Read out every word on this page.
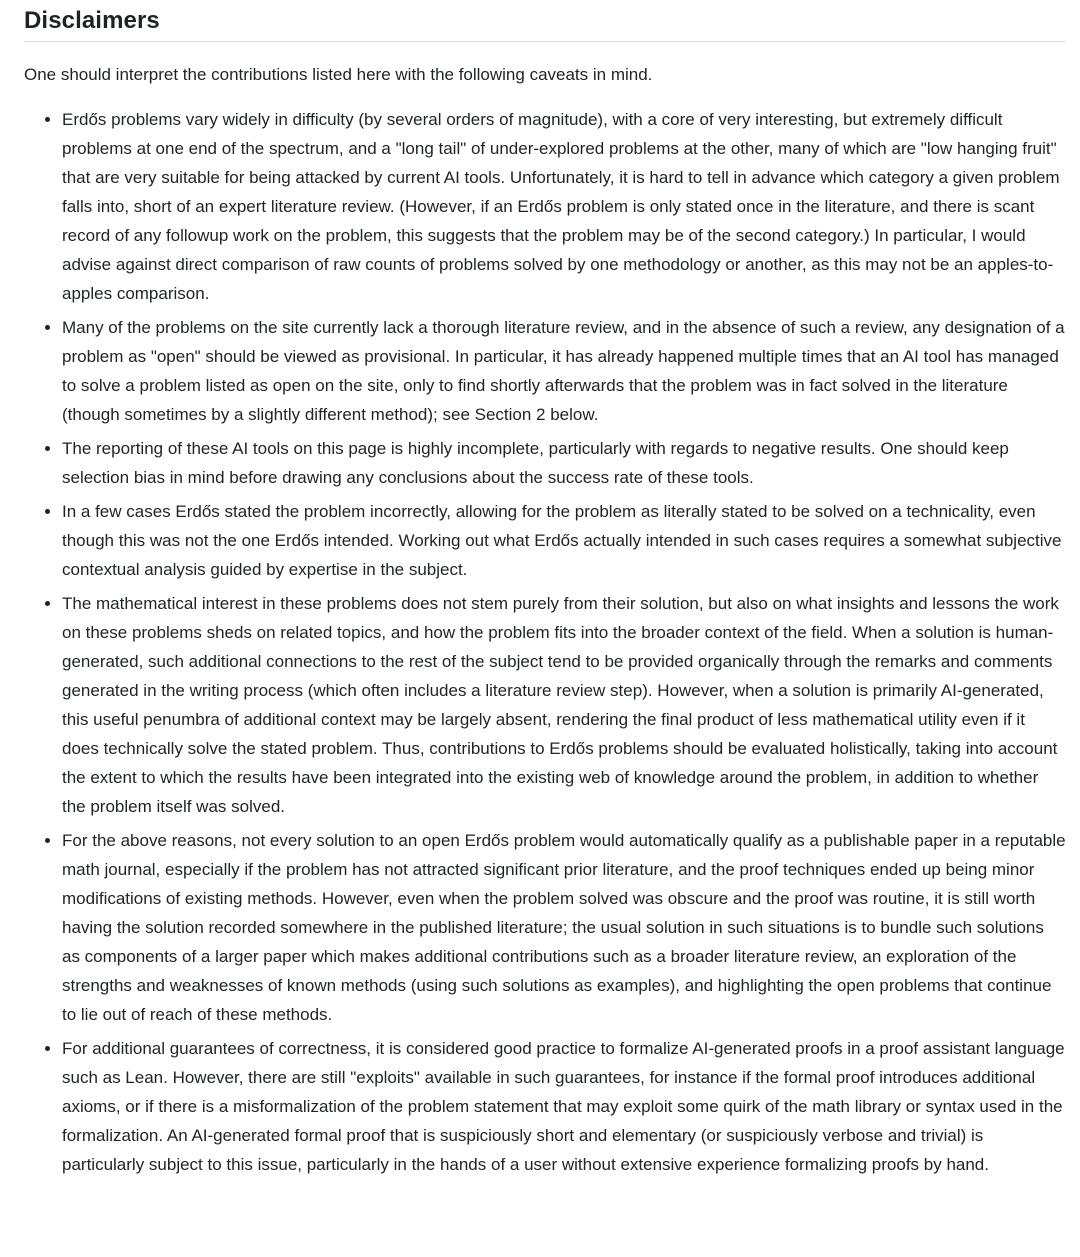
Disclaimers

One should interpret the contributions listed here with the following caveats in mind.

• Erdős problems vary widely in difficulty (by several orders of magnitude), with a core of very interesting, but extremely difficult problems at one end of the spectrum, and a "long tail" of under-explored problems at the other, many of which are "low hanging fruit" that are very suitable for being attacked by current AI tools. Unfortunately, it is hard to tell in advance which category a given problem falls into, short of an expert literature review. (However, if an Erdős problem is only stated once in the literature, and there is scant record of any followup work on the problem, this suggests that the problem may be of the second category.) In particular, I would advise against direct comparison of raw counts of problems solved by one methodology or another, as this may not be an apples-to-apples comparison.
• Many of the problems on the site currently lack a thorough literature review, and in the absence of such a review, any designation of a problem as "open" should be viewed as provisional. In particular, it has already happened multiple times that an AI tool has managed to solve a problem listed as open on the site, only to find shortly afterwards that the problem was in fact solved in the literature (though sometimes by a slightly different method); see Section 2 below.
• The reporting of these AI tools on this page is highly incomplete, particularly with regards to negative results. One should keep selection bias in mind before drawing any conclusions about the success rate of these tools.
• In a few cases Erdős stated the problem incorrectly, allowing for the problem as literally stated to be solved on a technicality, even though this was not the one Erdős intended. Working out what Erdős actually intended in such cases requires a somewhat subjective contextual analysis guided by expertise in the subject.
• The mathematical interest in these problems does not stem purely from their solution, but also on what insights and lessons the work on these problems sheds on related topics, and how the problem fits into the broader context of the field. When a solution is human-generated, such additional connections to the rest of the subject tend to be provided organically through the remarks and comments generated in the writing process (which often includes a literature review step). However, when a solution is primarily AI-generated, this useful penumbra of additional context may be largely absent, rendering the final product of less mathematical utility even if it does technically solve the stated problem. Thus, contributions to Erdős problems should be evaluated holistically, taking into account the extent to which the results have been integrated into the existing web of knowledge around the problem, in addition to whether the problem itself was solved.
• For the above reasons, not every solution to an open Erdős problem would automatically qualify as a publishable paper in a reputable math journal, especially if the problem has not attracted significant prior literature, and the proof techniques ended up being minor modifications of existing methods. However, even when the problem solved was obscure and the proof was routine, it is still worth having the solution recorded somewhere in the published literature; the usual solution in such situations is to bundle such solutions as components of a larger paper which makes additional contributions such as a broader literature review, an exploration of the strengths and weaknesses of known methods (using such solutions as examples), and highlighting the open problems that continue to lie out of reach of these methods.
• For additional guarantees of correctness, it is considered good practice to formalize AI-generated proofs in a proof assistant language such as Lean. However, there are still "exploits" available in such guarantees, for instance if the formal proof introduces additional axioms, or if there is a misformalization of the problem statement that may exploit some quirk of the math library or syntax used in the formalization. An AI-generated formal proof that is suspiciously short and elementary (or suspiciously verbose and trivial) is particularly subject to this issue, particularly in the hands of a user without extensive experience formalizing proofs by hand.
